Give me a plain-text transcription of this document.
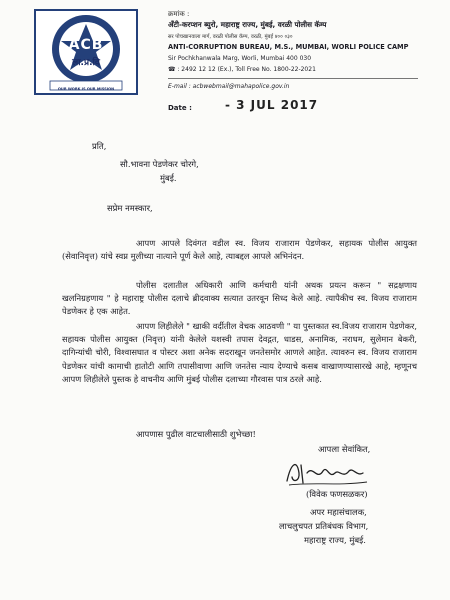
ACB
ला.प्र.वि
OUR WORK IS OUR MISSION
क्रमांक :
अँटी-करप्शन ब्युरो, महाराष्ट्र राज्य, मुंबई, वरळी पोलीस कॅम्प
सर पोचखानवाला मार्ग, वरळी पोलीस कॅम्प, वरळी, मुंबई ४०० ०३०
ANTI-CORRUPTION BUREAU, M.S., MUMBAI, WORLI POLICE CAMP
Sir Pochkhanwala Marg, Worli, Mumbai 400 030
☎ : 2492 12 12 (Ex.), Toll Free No. 1800-22-2021
E-mail : acbwebmail@mahapolice.gov.in
Date :	- 3 JUL 2017
प्रति,
सौ.भावना पेडणेकर चोरगे,
मुंबई.
सप्रेम नमस्कार,
आपण आपले दिवंगत वडील स्व. विजय राजाराम पेडणेकर, सहायक पोलीस आयुक्त (सेवानिवृत्त) यांचे स्वप्न मुलीच्या नात्याने पूर्ण केले आहे, त्याबद्दल आपले अभिनंदन.
पोलीस दलातील अधिकारी आणि कर्मचारी यांनी अथक प्रयत्न करून " सद्रक्षणाय खलनिग्रहणाय " हे महाराष्ट्र पोलीस दलाचे ब्रीदवाक्य सत्यात उतरवून सिध्द केले आहे. त्यापैकीच स्व. विजय राजाराम पेडणेकर हे एक आहेत.
आपण लिहीलेले " खाकी वर्दीतील वेचक आठवणी " या पुस्तकात स्व.विजय राजाराम पेडणेकर, सहायक पोलीस आयुक्त (निवृत्त) यांनी केलेले यशस्वी तपास देवद्गत, धाडस, अनामिक, नराधम, सुलेमान बेकरी, दागिन्यांची चोरी, विश्वासघात व पोस्टर अशा अनेक सदराखून जनतेसमोर आणले आहेत. त्यावरुन स्व. विजय राजाराम पेडणेकर यांची कामाची हातोटी आणि तपासीवाणा आणि जनतेस न्याय देण्याचे कसब वाखाणण्यासारखे आहे, म्हणूनच आपण लिहीलेले पुस्तक हे वाचनीय आणि मुंबई पोलीस दलाच्या गौरवास पात्र ठरले आहे.
आपणास पुढील वाटचालीसाठी शुभेच्छा!
आपला सेवांकित,
(विवेक फणसळकर)
अपर महासंचालक,
लाचलुचपत प्रतिबंधक विभाग,
महाराष्ट्र राज्य, मुंबई.
